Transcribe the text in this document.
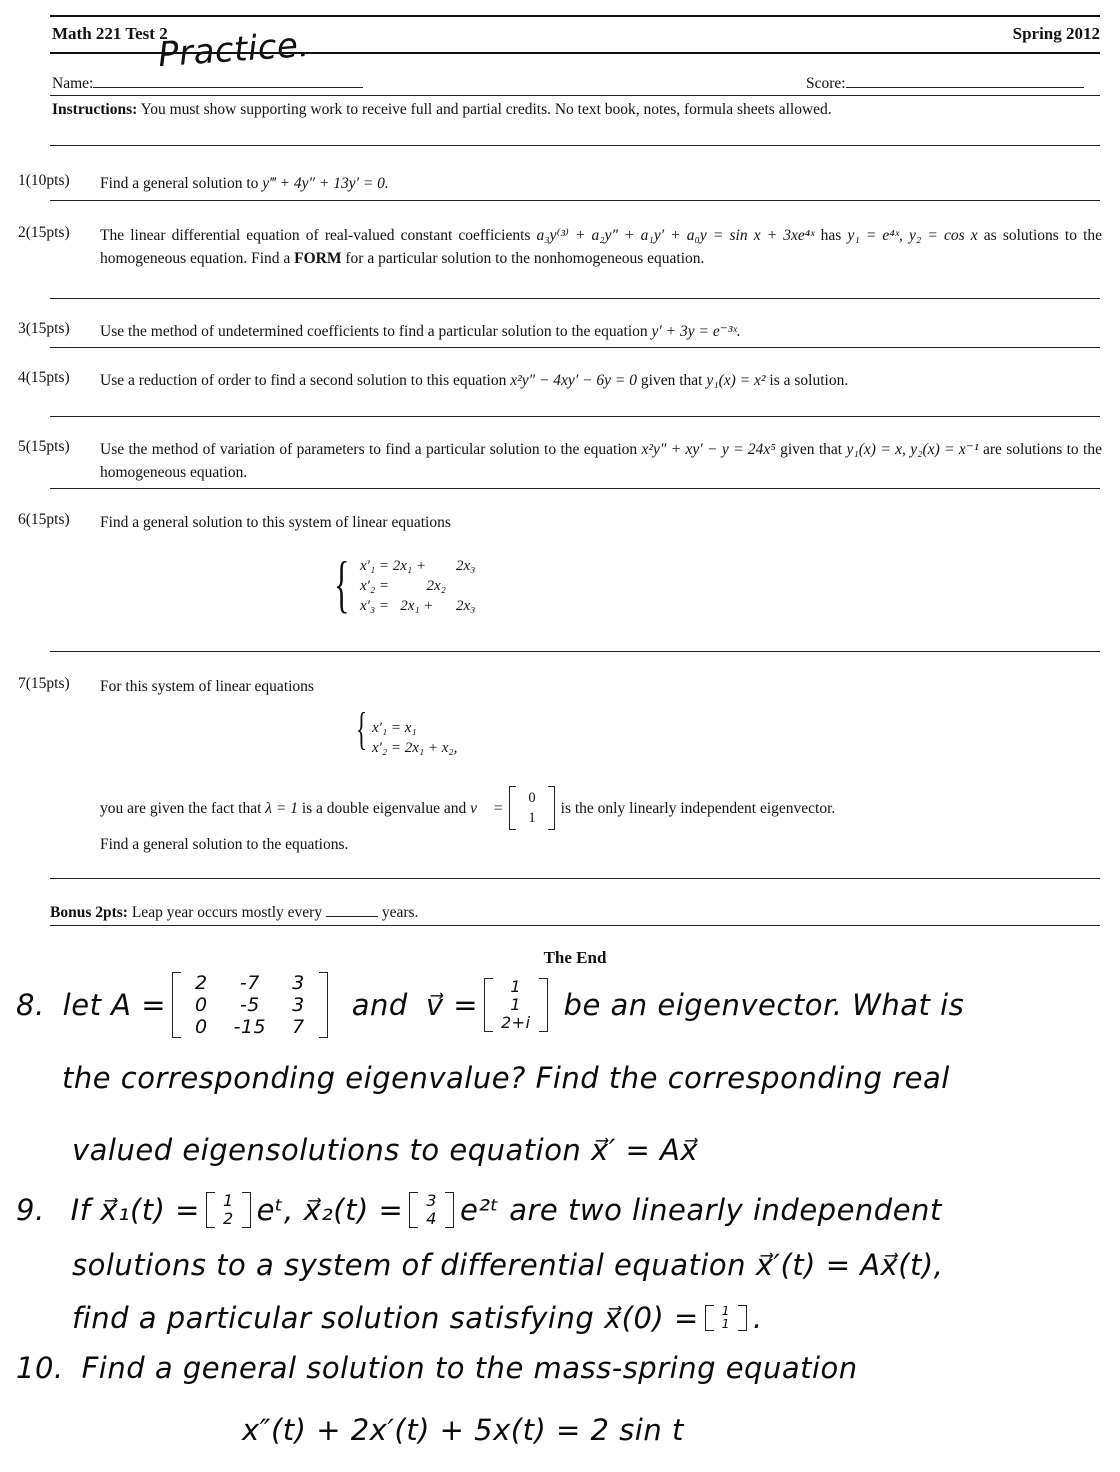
Math 221 Test 2	Spring 2012
Name:
Practice.
Score:
Instructions: You must show supporting work to receive full and partial credits. No text book, notes, formula sheets allowed.
1(10pts) Find a general solution to y‴ + 4y″ + 13y′ = 0.
2(15pts) The linear differential equation of real-valued constant coefficients a₃y⁽³⁾ + a₂y″ + a₁y′ + a₀y = sin x + 3xe⁴ˣ has y₁ = e⁴ˣ, y₂ = cos x as solutions to the homogeneous equation. Find a FORM for a particular solution to the nonhomogeneous equation.
3(15pts) Use the method of undetermined coefficients to find a particular solution to the equation y′ + 3y = e⁻³ˣ.
4(15pts) Use a reduction of order to find a second solution to this equation x²y″ − 4xy′ − 6y = 0 given that y₁(x) = x² is a solution.
5(15pts) Use the method of variation of parameters to find a particular solution to the equation x²y″ + xy′ − y = 24x⁵ given that y₁(x) = x, y₂(x) = x⁻¹ are solutions to the homogeneous equation.
6(15pts) Find a general solution to this system of linear equations
{ x′₁ = 2x₁ +        2x₃
x′₂ =          2x₂
x′₃ =   2x₁ +      2x₃
7(15pts) For this system of linear equations
{ x′₁ = x₁
x′₂ = 2x₁ + x₂,
you are given the fact that
λ = 1
is a double eigenvalue and
v⃗ =
0
1
is the only linearly independent eigenvector.
Find a general solution to the equations.
Bonus 2pts: Leap year occurs mostly every	years.
The End
8. let A =
2	-7	3
0	-5	3
0 -15 7
and v⃗ =
1
1
2+i
be an eigenvector. What is
the corresponding eigenvalue? Find the corresponding real
valued eigensolutions to equation x⃗′ = Ax⃗
9. If x⃗₁(t) = 1
2 eᵗ, x⃗₂(t) = 3
4 e²ᵗ are two linearly independent
solutions to a system of differential equation x⃗′(t) = Ax⃗(t),
find a particular solution satisfying x⃗(0) = 1
1 .
10. Find a general solution to the mass-spring equation
x″(t) + 2x′(t) + 5x(t) = 2 sin t
